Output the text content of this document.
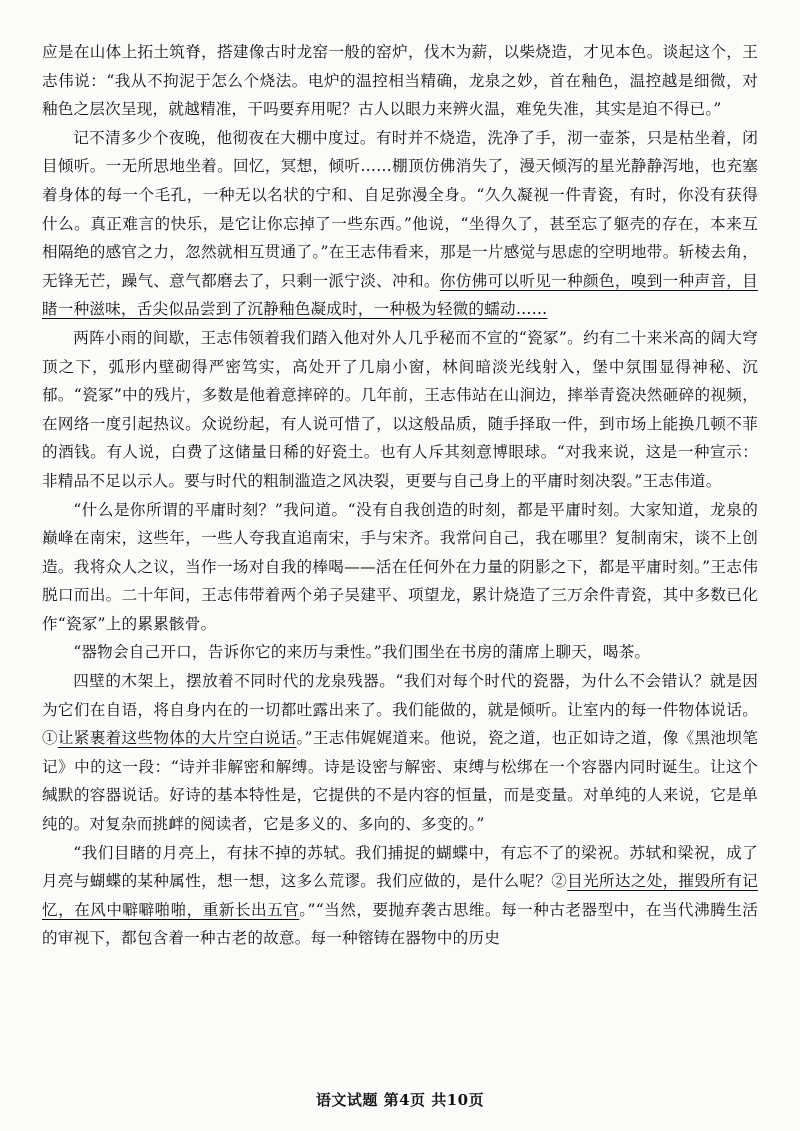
应是在山体上拓土筑脊，搭建像古时龙窑一般的窑炉，伐木为薪，以柴烧造，才见本色。谈起这个，王志伟说：“我从不拘泥于怎么个烧法。电炉的温控相当精确，龙泉之妙，首在釉色，温控越是细微，对釉色之层次呈现，就越精准，干吗要弃用呢？古人以眼力来辨火温，难免失准，其实是迫不得已。”

记不清多少个夜晚，他彻夜在大棚中度过。有时并不烧造，洗净了手，沏一壶茶，只是枯坐着，闭目倾听。一无所思地坐着。回忆，冥想，倾听……棚顶仿佛消失了，漫天倾泻的星光静静泻地，也充塞着身体的每一个毛孔，一种无以名状的宁和、自足弥漫全身。“久久凝视一件青瓷，有时，你没有获得什么。真正难言的快乐，是它让你忘掉了一些东西。”他说，“坐得久了，甚至忘了躯壳的存在，本来互相隔绝的感官之力，忽然就相互贯通了。”在王志伟看来，那是一片感觉与思虑的空明地带。斩棱去角，无锋无芒，躁气、意气都磨去了，只剩一派宁淡、冲和。你仿佛可以听见一种颜色，嗅到一种声音，目睹一种滋味，舌尖似品尝到了沉静釉色凝成时，一种极为轻微的蠕动……

两阵小雨的间歇，王志伟领着我们踏入他对外人几乎秘而不宣的“瓷冢”。约有二十来米高的阔大穹顶之下，弧形内壁砌得严密笃实，高处开了几扇小窗，林间暗淡光线射入，堡中氛围显得神秘、沉郁。“瓷冢”中的残片，多数是他着意摔碎的。几年前，王志伟站在山涧边，摔举青瓷决然砸碎的视频，在网络一度引起热议。众说纷起，有人说可惜了，以这般品质，随手择取一件，到市场上能换几顿不菲的酒钱。有人说，白费了这储量日稀的好瓷土。也有人斥其刻意博眼球。“对我来说，这是一种宣示：非精品不足以示人。要与时代的粗制滥造之风决裂，更要与自己身上的平庸时刻决裂。”王志伟道。

“什么是你所谓的平庸时刻？”我问道。“没有自我创造的时刻，都是平庸时刻。大家知道，龙泉的巅峰在南宋，这些年，一些人夸我直追南宋，手与宋齐。我常问自己，我在哪里？复制南宋，谈不上创造。我将众人之议，当作一场对自我的棒喝——活在任何外在力量的阴影之下，都是平庸时刻。”王志伟脱口而出。二十年间，王志伟带着两个弟子吴建平、项望龙，累计烧造了三万余件青瓷，其中多数已化作“瓷冢”上的累累骸骨。

“器物会自己开口，告诉你它的来历与秉性。”我们围坐在书房的蒲席上聊天，喝茶。

四壁的木架上，摆放着不同时代的龙泉残器。“我们对每个时代的瓷器，为什么不会错认？就是因为它们在自语，将自身内在的一切都吐露出来了。我们能做的，就是倾听。让室内的每一件物体说话。①让紧裹着这些物体的大片空白说话。”王志伟娓娓道来。他说，瓷之道，也正如诗之道，像《黑池坝笔记》中的这一段：“诗并非解密和解缚。诗是设密与解密、束缚与松绑在一个容器内同时诞生。让这个缄默的容器说话。好诗的基本特性是，它提供的不是内容的恒量，而是变量。对单纯的人来说，它是单纯的。对复杂而挑衅的阅读者，它是多义的、多向的、多变的。”

“我们目睹的月亮上，有抹不掉的苏轼。我们捕捉的蝴蝶中，有忘不了的梁祝。苏轼和梁祝，成了月亮与蝴蝶的某种属性，想一想，这多么荒谬。我们应做的，是什么呢？②目光所达之处，摧毁所有记忆，在风中噼噼啪啪，重新长出五官。”“当然，要抛弃袭古思维。每一种古老器型中，在当代沸腾生活的审视下，都包含着一种古老的故意。每一种镕铸在器物中的历史

语文试题 第4页 共10页
